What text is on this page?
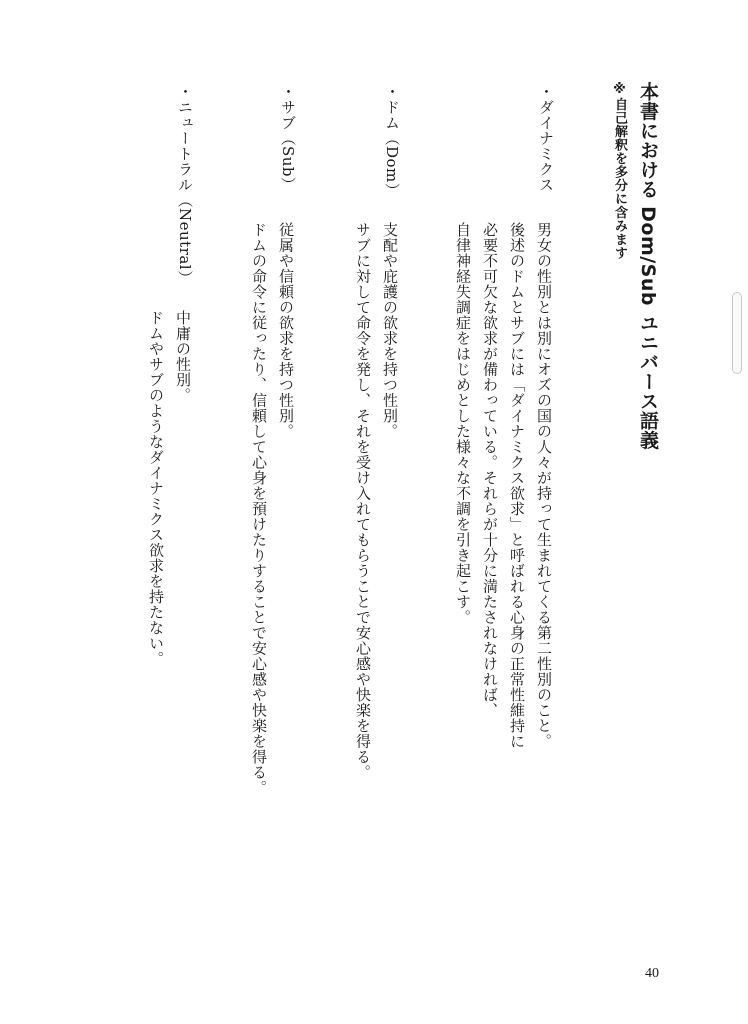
本書における Dom/Sub ユニバース語義
※自己解釈を多分に含みます
・ダイナミクス
男女の性別とは別にオズの国の人々が持って生まれてくる第二性別のこと。
後述のドムとサブには「ダイナミクス欲求」と呼ばれる心身の正常性維持に
必要不可欠な欲求が備わっている。それらが十分に満たされなければ、
自律神経失調症をはじめとした様々な不調を引き起こす。
・ドム（Dom）
支配や庇護の欲求を持つ性別。
サブに対して命令を発し、それを受け入れてもらうことで安心感や快楽を得る。
・サブ（Sub）
従属や信頼の欲求を持つ性別。
ドムの命令に従ったり、信頼して心身を預けたりすることで安心感や快楽を得る。
・ニュートラル（Neutral）
中庸の性別。
ドムやサブのようなダイナミクス欲求を持たない。
40
